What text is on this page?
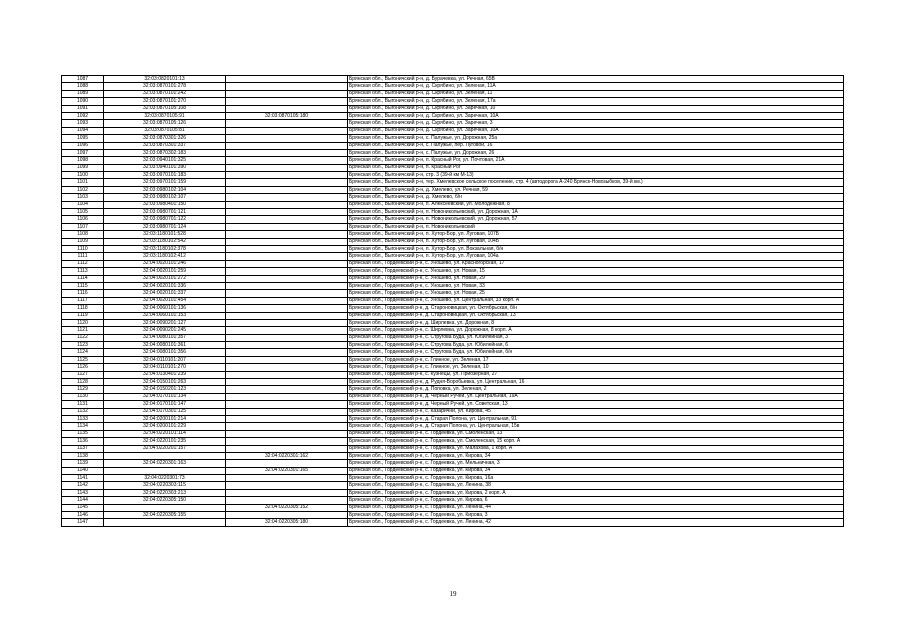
1087	32:03:0820101:13		Брянская обл., Выгоничский р-н, д. Бурачевка, ул. Речная, 65В
1088	32:03:0870101:278		Брянская обл., Выгоничский р-н, д. Скрябино, ул. Зеленая, 11А
1089	32:03:0870101:242		Брянская обл., Выгоничский р-н, д. Скрябино, ул. Зеленая, 11
1090	32:03:0870101:270		Брянская обл., Выгоничский р-н, д. Скрябино, ул. Зеленая, 17а
1091	32:03:0870105:108		Брянская обл., Выгоничский р-н, д. Скрябино, ул. Заречная, 10
1092	32:03:0870105:91	32:03:0870105:180	Брянская обл., Выгоничский р-н, д. Скрябино, ул. Заречная, 10А
1093	32:03:0870105:126		Брянская обл., Выгоничский р-н, д. Скрябино, ул. Заречная, 3
1094	32:03:0870105:81		Брянская обл., Выгоничский р-н, д. Скрябино, ул. Заречная, 10А
1095	32:03:0870301:326		Брянская обл., Выгоничский р-н, с. Палужье, ул. Дорожная, 25а
1096	32:03:0870301:337		Брянская обл., Выгоничский р-н, с. Палужье, пер. Луговой, 16
1097	32:03:0870302:183		Брянская обл., Выгоничский р-н, с. Палужье, ул. Дорожная, 26
1098	32:03:0940101:325		Брянская обл., Выгоничский р-н, п. Красный Рог, ул. Почтовая, 21А
1099	32:03:0940101:390		Брянская обл., Выгоничский р-н, п. Красный Рог
1100	32:03:0970101:183		Брянская обл., Выгоничский р-н, стр. 3 (39-й км М-13)
1101	32:03:0970101:159		Брянская обл., Выгоничский р-н, тер. Хмелевское сельское поселение, стр. 4 (автодорога А-240 Брянск-Новозыбков, 39-й км.)
1102	32:03:0980102:104		Брянская обл., Выгоничский р-н, д. Хмелево, ул. Речная, 59
1103	32:03:0980102:107		Брянская обл., Выгоничский р-н, д. Хмелево, б/н
1104	32:03:0980401:150		Брянская обл., Выгоничский р-н, п. Алексеевский, ул. Молодежная, 8
1105	32:03:0980701:121		Брянская обл., Выгоничский р-н, п. Новоникольевский, ул. Дорожная, 1А
1106	32:03:0980701:122		Брянская обл., Выгоничский р-н, п. Новоникольевский, ул. Дорожная, 57
1107	32:03:0980701:124		Брянская обл., Выгоничский р-н, п. Новоникольевский
1108	32:03:1180101:528		Брянская обл., Выгоничский р-н, п. Хутор-Бор, ул. Луговая, 107Б
1109	32:03:1180102:542		Брянская обл., Выгоничский р-н, п. Хутор-Бор, ул. Луговая, 104Б
1110	32:03:1180102:378		Брянская обл., Выгоничский р-н, п. Хутор-Бор, ул. Вокзальная, б/н
1111	32:03:1180102:412		Брянская обл., Выгоничский р-н, п. Хутор-Бор, ул. Луговая, 104а
1112	32:04:0020101:246		Брянская обл., Гордеевский р-н, с. Уношево, ул. Красногорская, 17
1113	32:04:0020101:259		Брянская обл., Гордеевский р-н, с. Уношево, ул. Новая, 15
1114	32:04:0020101:272		Брянская обл., Гордеевский р-н, с. Уношево, ул. Новая, 29
1115	32:04:0020101:336		Брянская обл., Гордеевский р-н, с. Уношево, ул. Новая, 33
1116	32:04:0020101:337		Брянская обл., Гордеевский р-н, с. Уношево, ул. Новая, 25
1117	32:04:0020101:454		Брянская обл., Гордеевский р-н, с. Уношево, ул. Центральная, 33 корп. А
1118	32:04:0060101:136		Брянская обл., Гордеевский р-н, д. Староновицкая, ул. Октябрьская, б/н
1119	32:04:0060101:153		Брянская обл., Гордеевский р-н, д. Староновицкая, ул. Октябрьская, 13
1120	32:04:0090201:127		Брянская обл., Гордеевский р-н, д. Ширлевка, ул. Дорожная, 8
1121	32:04:0090201:245		Брянская обл., Гордеевский р-н, с. Ширлевка, ул. Дорожная, 8 корп. А
1122	32:04:0080101:357		Брянская обл., Гордеевский р-н, с. Струговa Буда, ул. Юбилейная, 3
1123	32:04:0080101:361		Брянская обл., Гордеевский р-н, с. Струговa Буда, ул. Юбилейная, 6
1124	32:04:0080101:356		Брянская обл., Гордеевский р-н, с. Струговa Буда, ул. Юбилейная, б/н
1125	32:04:0110101:207		Брянская обл., Гордеевский р-н, с. Глинное, ул. Зеленая, 17
1126	32:04:0110101:270		Брянская обл., Гордеевский р-н, с. Глинное, ул. Зеленая, 10
1127	32:04:0130401:239		Брянская обл., Гордеевский р-н, с. Кузнецы, ул. Приозерная, 27
1128	32:04:0150101:263		Брянская обл., Гордеевский р-н, д. Рудня-Воробьевка, ул. Центральная, 16
1129	32:04:0150201:123		Брянская обл., Гордеевский р-н, д. Поповка, ул. Зеленая, 2
1130	32:04:0170101:134		Брянская обл., Гордеевский р-н, д. Черный Ручей, ул. Центральная, 19А
1131	32:04:0170101:147		Брянская обл., Гордеевский р-н, д. Черный Ручей, ул. Советская, 13
1132	32:04:0170301:125		Брянская обл., Гордеевский р-н, с. Казарични, ул. Кирова, 45
1133	32:04:0200101:214		Брянская обл., Гордеевский р-н, д. Старая Полона, ул. Центральная, 91
1134	32:04:0200101:229		Брянская обл., Гордеевский р-н, д. Старая Полона, ул. Центральная, 15в
1135	32:04:0220101:114		Брянская обл., Гордеевский р-н, с. Гордеевка, ул. Смоленская, 13
1136	32:04:0220101:235		Брянская обл., Гордеевский р-н, с. Гордеевка, ул. Смоленская, 15 корп. А
1137	32:04:0220201:157		Брянская обл., Гордеевский р-н, с. Гордеевка, ул. Малахова, 1 корп. А
1138		32:04:0220301:162	Брянская обл., Гордеевский р-н, с. Гордеевка, ул. Кирова, 34
1139	32:04:0220301:163		Брянская обл., Гордеевский р-н, с. Гордеевка, ул. Мельничная, 3
1140		32:04:0220301:165	Брянская обл., Гордеевский р-н, с. Гордеевка, ул. Кирова, 34
1141	32:04:0220301:73		Брянская обл., Гордеевский р-н, с. Гордеевка, ул. Кирова, 16а
1142	32:04:0220303:115		Брянская обл., Гордеевский р-н, с. Гордеевка, ул. Ленина, 38
1143	32:04:0220303:213		Брянская обл., Гордеевский р-н, с. Гордеевка, ул. Кирова, 2 корп. А
1144	32:04:0220305:150		Брянская обл., Гордеевский р-н, с. Гордеевка, ул. Кирова, 6
1145		32:04:0220305:152	Брянская обл., Гордеевский р-н, с. Гордеевка, ул. Ленина, 44
1146	32:04:0220305:155		Брянская обл., Гордеевский р-н, с. Гордеевка, ул. Кирова, 3
1147		32:04:0220305:180	Брянская обл., Гордеевский р-н, с. Гордеевка, ул. Ленина, 42
19
